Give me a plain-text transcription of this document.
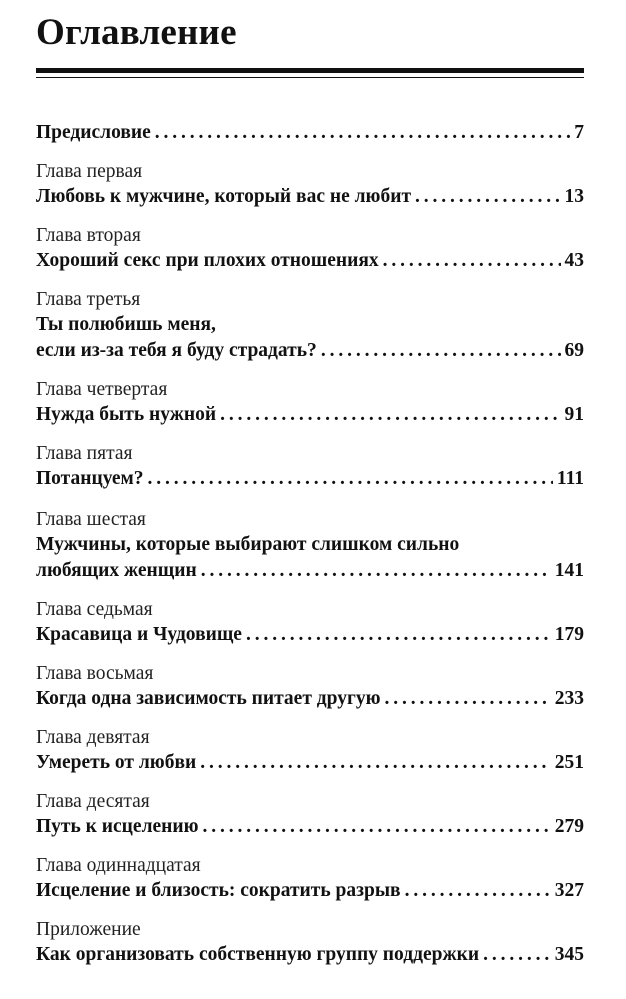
Оглавление
Предисловие . . .	7
Глава первая
Любовь к мужчине, который вас не любит . . .	13
Глава вторая
Хороший секс при плохих отношениях . . .	43
Глава третья
Ты полюбишь меня,
если из-за тебя я буду страдать? . . .	69
Глава четвертая
Нужда быть нужной . . .	91
Глава пятая
Потанцуем? . . .	111
Глава шестая
Мужчины, которые выбирают слишком сильно
любящих женщин . . .	141
Глава седьмая
Красавица и Чудовище . . .	179
Глава восьмая
Когда одна зависимость питает другую . . .	233
Глава девятая
Умереть от любви . . .	251
Глава десятая
Путь к исцелению . . .	279
Глава одиннадцатая
Исцеление и близость: сократить разрыв . . .	327
Приложение
Как организовать собственную группу поддержки . . .	345
